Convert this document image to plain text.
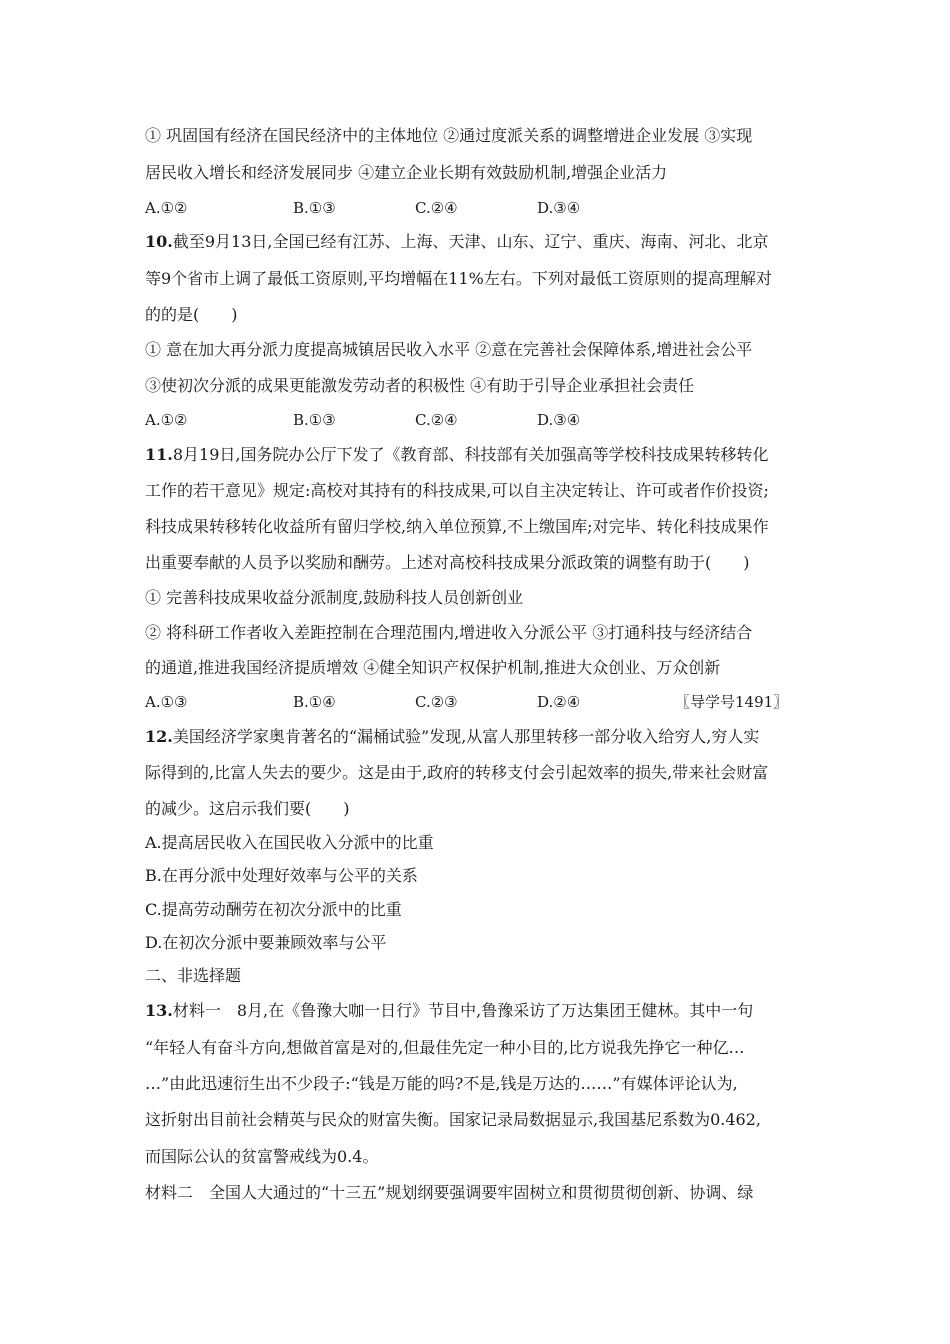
① 巩固国有经济在国民经济中的主体地位 ②通过度派关系的调整增进企业发展 ③实现
居民收入增长和经济发展同步 ④建立企业长期有效鼓励机制,增强企业活力
A.①②	B.①③	C.②④	D.③④
10.截至9月13日,全国已经有江苏、上海、天津、山东、辽宁、重庆、海南、河北、北京
等9个省市上调了最低工资原则,平均增幅在11%左右。下列对最低工资原则的提高理解对
的的是(　　)
① 意在加大再分派力度提高城镇居民收入水平 ②意在完善社会保障体系,增进社会公平
③使初次分派的成果更能激发劳动者的积极性 ④有助于引导企业承担社会责任
A.①②	B.①③	C.②④	D.③④
11.8月19日,国务院办公厅下发了《教育部、科技部有关加强高等学校科技成果转移转化
工作的若干意见》规定:高校对其持有的科技成果,可以自主决定转让、许可或者作价投资;
科技成果转移转化收益所有留归学校,纳入单位预算,不上缴国库;对完毕、转化科技成果作
出重要奉献的人员予以奖励和酬劳。上述对高校科技成果分派政策的调整有助于(　　)
① 完善科技成果收益分派制度,鼓励科技人员创新创业
② 将科研工作者收入差距控制在合理范围内,增进收入分派公平 ③打通科技与经济结合
的通道,推进我国经济提质增效 ④健全知识产权保护机制,推进大众创业、万众创新
A.①③	B.①④	C.②③	D.②④	〖导学号1491〗
12.美国经济学家奥肯著名的“漏桶试验”发现,从富人那里转移一部分收入给穷人,穷人实
际得到的,比富人失去的要少。这是由于,政府的转移支付会引起效率的损失,带来社会财富
的减少。这启示我们要(　　)
A.提高居民收入在国民收入分派中的比重
B.在再分派中处理好效率与公平的关系
C.提高劳动酬劳在初次分派中的比重
D.在初次分派中要兼顾效率与公平
二、非选择题
13.材料一　8月,在《鲁豫大咖一日行》节目中,鲁豫采访了万达集团王健林。其中一句
“年轻人有奋斗方向,想做首富是对的,但最佳先定一种小目的,比方说我先挣它一种亿…
…”由此迅速衍生出不少段子:“钱是万能的吗?不是,钱是万达的……”有媒体评论认为,
这折射出目前社会精英与民众的财富失衡。国家记录局数据显示,我国基尼系数为0.462,
而国际公认的贫富警戒线为0.4。
材料二　全国人大通过的“十三五”规划纲要强调要牢固树立和贯彻贯彻创新、协调、绿
